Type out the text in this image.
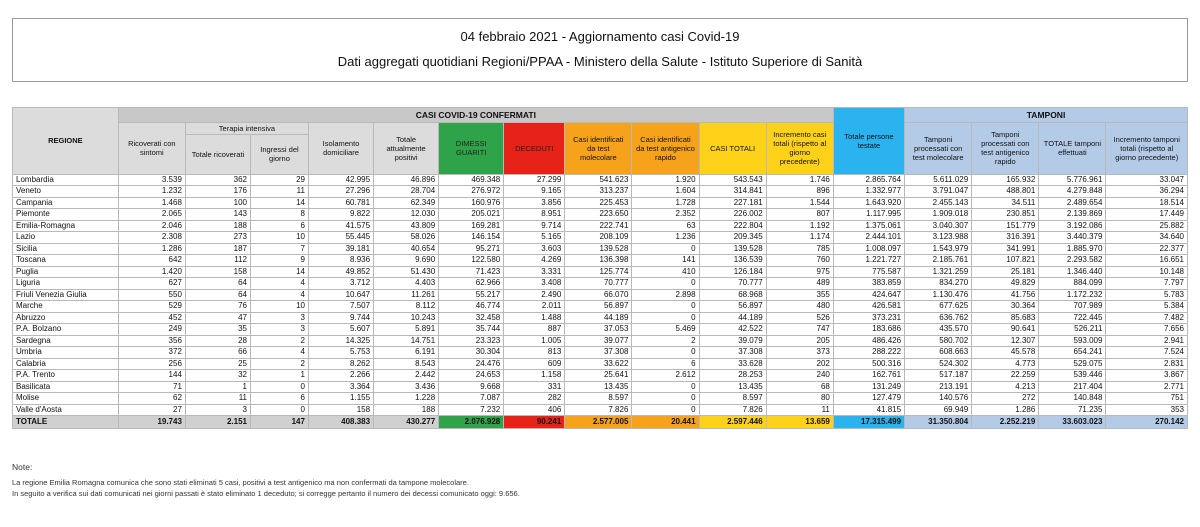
04 febbraio 2021 - Aggiornamento casi Covid-19
Dati aggregati quotidiani Regioni/PPAA - Ministero della Salute - Istituto Superiore di Sanità
REGIONE	CASI COVID-19 CONFERMATI											Totale persone testate	TAMPONI			
	Ricoverati con sintomi	Terapia intensiva		Isolamento domiciliare	Totale attualmente positivi	DIMESSI GUARITI	DECEDUTI	Casi identificati da test molecolare	Casi identificati da test antigenico rapido	CASI TOTALI	Incremento casi totali (rispetto al giorno precedente)		Tamponi processati con test molecolare	Tamponi processati con test antigenico rapido	TOTALE tamponi effettuati	Incremento tamponi totali (rispetto al giorno precedente)
		Totale ricoverati	Ingressi del giorno													
Lombardia	3.539	362	29	42.995	46.896	469.348	27.299	541.623	1.920	543.543	1.746	2.865.764	5.611.029	165.932	5.776.961	33.047
Veneto	1.232	176	11	27.296	28.704	276.972	9.165	313.237	1.604	314.841	896	1.332.977	3.791.047	488.801	4.279.848	36.294
Campania	1.468	100	14	60.781	62.349	160.976	3.856	225.453	1.728	227.181	1.544	1.643.920	2.455.143	34.511	2.489.654	18.514
Piemonte	2.065	143	8	9.822	12.030	205.021	8.951	223.650	2.352	226.002	807	1.117.995	1.909.018	230.851	2.139.869	17.449
Emilia-Romagna	2.046	188	6	41.575	43.809	169.281	9.714	222.741	63	222.804	1.192	1.375.061	3.040.307	151.779	3.192.086	25.882
Lazio	2.308	273	10	55.445	58.026	146.154	5.165	208.109	1.236	209.345	1.174	2.444.101	3.123.988	316.391	3.440.379	34.640
Sicilia	1.286	187	7	39.181	40.654	95.271	3.603	139.528	0	139.528	785	1.008.097	1.543.979	341.991	1.885.970	22.377
Toscana	642	112	9	8.936	9.690	122.580	4.269	136.398	141	136.539	760	1.221.727	2.185.761	107.821	2.293.582	16.651
Puglia	1.420	158	14	49.852	51.430	71.423	3.331	125.774	410	126.184	975	775.587	1.321.259	25.181	1.346.440	10.148
Liguria	627	64	4	3.712	4.403	62.966	3.408	70.777	0	70.777	489	383.859	834.270	49.829	884.099	7.797
Friuli Venezia Giulia	550	64	4	10.647	11.261	55.217	2.490	66.070	2.898	68.968	355	424.647	1.130.476	41.756	1.172.232	5.783
Marche	529	76	10	7.507	8.112	46.774	2.011	56.897	0	56.897	480	426.581	677.625	30.364	707.989	5.384
Abruzzo	452	47	3	9.744	10.243	32.458	1.488	44.189	0	44.189	526	373.231	636.762	85.683	722.445	7.482
P.A. Bolzano	249	35	3	5.607	5.891	35.744	887	37.053	5.469	42.522	747	183.686	435.570	90.641	526.211	7.656
Sardegna	356	28	2	14.325	14.751	23.323	1.005	39.077	2	39.079	205	486.426	580.702	12.307	593.009	2.941
Umbria	372	66	4	5.753	6.191	30.304	813	37.308	0	37.308	373	288.222	608.663	45.578	654.241	7.524
Calabria	256	25	2	8.262	8.543	24.476	609	33.622	6	33.628	202	500.316	524.302	4.773	529.075	2.831
P.A. Trento	144	32	1	2.266	2.442	24.653	1.158	25.641	2.612	28.253	240	162.761	517.187	22.259	539.446	3.867
Basilicata	71	1	0	3.364	3.436	9.668	331	13.435	0	13.435	68	131.249	213.191	4.213	217.404	2.771
Molise	62	11	6	1.155	1.228	7.087	282	8.597	0	8.597	80	127.479	140.576	272	140.848	751
Valle d'Aosta	27	3	0	158	188	7.232	406	7.826	0	7.826	11	41.815	69.949	1.286	71.235	353
TOTALE	19.743	2.151	147	408.383	430.277	2.076.928	90.241	2.577.005	20.441	2.597.446	13.659	17.315.499	31.350.804	2.252.219	33.603.023	270.142
Note:
La regione Emilia Romagna comunica che sono stati eliminati 5 casi, positivi a test antigenico ma non confermati da tampone molecolare.
In seguito a verifica sui dati comunicati nei giorni passati è stato eliminato 1 deceduto; si corregge pertanto il numero dei decessi comunicato oggi: 9.656.
